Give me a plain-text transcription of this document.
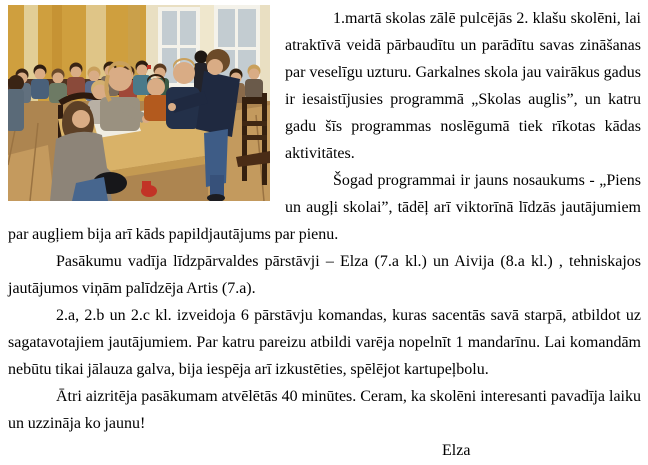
1.martā skolas zālē pulcējās 2. klašu skolēni, lai atraktīvā veidā pārbaudītu un parādītu savas zināšanas par veselīgu uzturu. Garkalnes skola jau vairākus gadus ir iesaistījusies programmā „Skolas auglis”, un katru gadu šīs programmas noslēgumā tiek rīkotas kādas aktivitātes.

Šogad programmai ir jauns nosaukums - „Piens un augļi skolai”, tādēļ arī viktorīnā līdzās jautājumiem par augļiem bija arī kāds papildjautājums par pienu.

Pasākumu vadīja līdzpārvaldes pārstāvji – Elza (7.a kl.) un Aivija (8.a kl.) , tehniskajos jautājumos viņām palīdzēja Artis (7.a).

2.a, 2.b un 2.c kl. izveidoja 6 pārstāvju komandas, kuras sacentās savā starpā, atbildot uz sagatavotajiem jautājumiem. Par katru pareizu atbildi varēja nopelnīt 1 mandarīnu. Lai komandām nebūtu tikai jālauza galva, bija iespēja arī izkustēties, spēlējot kartupeļbolu.

Ātri aizritēja pasākumam atvēlētās 40 minūtes. Ceram, ka skolēni interesanti pavadīja laiku un uzzināja ko jaunu!

Elza
